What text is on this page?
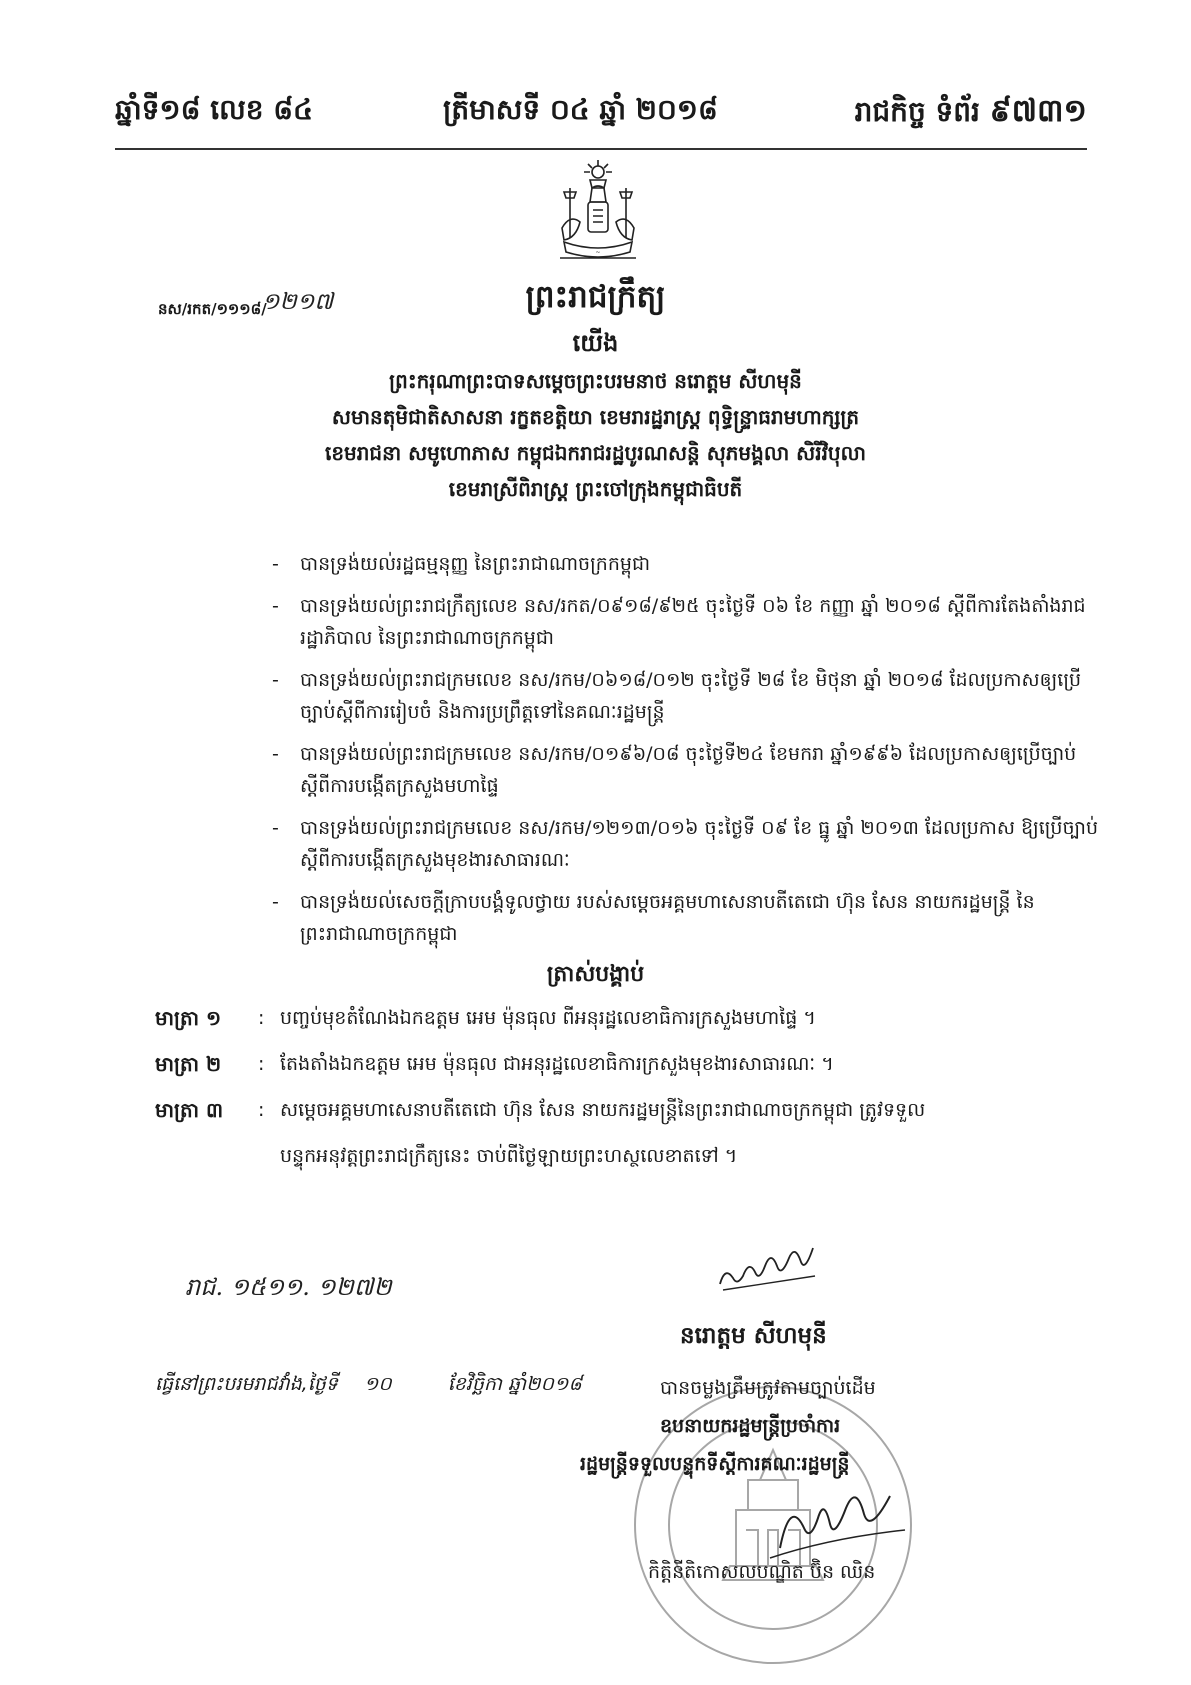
ឆ្នាំទី១៨ លេខ ៨៤	ត្រីមាសទី ០៤ ឆ្នាំ ២០១៨	រាជកិច្ច ទំព័រ ៩៧៣១
~
នស/រកត/១១១៨/
១២១៧	ព្រះរាជក្រឹត្យ
យើង
ព្រះករុណាព្រះបាទសម្តេចព្រះបរមនាថ នរោត្តម សីហមុនី
សមានតុមិជាតិសាសនា រក្ខតខត្តិយា ខេមរារដ្ឋរាស្ត្រ ពុទ្ធិន្ទ្រាធរាមហាក្សត្រ
ខេមរាជនា សមូហោភាស កម្ពុជឯករាជរដ្ឋបូរណសន្តិ សុភមង្គលា សិរីវិបុលា
ខេមរាស្រីពិរាស្ត្រ ព្រះចៅក្រុងកម្ពុជាធិបតី
- បានទ្រង់យល់រដ្ឋធម្មនុញ្ញ នៃព្រះរាជាណាចក្រកម្ពុជា
- បានទ្រង់យល់ព្រះរាជក្រឹត្យលេខ នស/រកត/០៩១៨/៩២៥ ចុះថ្ងៃទី ០៦ ខែ កញ្ញា ឆ្នាំ ២០១៨ ស្តីពីការតែងតាំងរាជរដ្ឋាភិបាល នៃព្រះរាជាណាចក្រកម្ពុជា
- បានទ្រង់យល់ព្រះរាជក្រមលេខ នស/រកម/០៦១៨/០១២ ចុះថ្ងៃទី ២៨ ខែ មិថុនា ឆ្នាំ ២០១៨ ដែលប្រកាសឲ្យប្រើច្បាប់ស្តីពីការរៀបចំ និងការប្រព្រឹត្តទៅនៃគណៈរដ្ឋមន្ត្រី
- បានទ្រង់យល់ព្រះរាជក្រមលេខ នស/រកម/០១៩៦/០៨ ចុះថ្ងៃទី២៤ ខែមករា ឆ្នាំ១៩៩៦ ដែលប្រកាសឲ្យប្រើច្បាប់ស្តីពីការបង្កើតក្រសួងមហាផ្ទៃ
- បានទ្រង់យល់ព្រះរាជក្រមលេខ នស/រកម/១២១៣/០១៦ ចុះថ្ងៃទី ០៩ ខែ ធ្នូ ឆ្នាំ ២០១៣ ដែលប្រកាស ឱ្យប្រើច្បាប់ស្តីពីការបង្កើតក្រសួងមុខងារសាធារណៈ
- បានទ្រង់យល់សេចក្តីក្រាបបង្គំទូលថ្វាយ របស់សម្តេចអគ្គមហាសេនាបតីតេជោ ហ៊ុន សែន នាយករដ្ឋមន្ត្រី នៃព្រះរាជាណាចក្រកម្ពុជា
ត្រាស់បង្គាប់
មាត្រា ១	: បញ្ចប់មុខតំណែងឯកឧត្តម អេម ម៉ុនធុល ពីអនុរដ្ឋលេខាធិការក្រសួងមហាផ្ទៃ ។
មាត្រា ២	: តែងតាំងឯកឧត្តម អេម ម៉ុនធុល ជាអនុរដ្ឋលេខាធិការក្រសួងមុខងារសាធារណៈ ។
មាត្រា ៣	: សម្តេចអគ្គមហាសេនាបតីតេជោ ហ៊ុន សែន នាយករដ្ឋមន្ត្រីនៃព្រះរាជាណាចក្រកម្ពុជា ត្រូវទទួល
បន្ទុកអនុវត្តព្រះរាជក្រឹត្យនេះ ចាប់ពីថ្ងៃឡាយព្រះហស្ថលេខាតទៅ ។
រាជ. ១៥១១. ១២៧២
នរោត្តម សីហមុនី
ធ្វើនៅព្រះបរមរាជវាំង,ថ្ងៃទី ១០	ខែវិច្ឆិកា ឆ្នាំ២០១៨	បានចម្លងត្រឹមត្រូវតាមច្បាប់ដើម
ឧបនាយករដ្ឋមន្ត្រីប្រចាំការ
រដ្ឋមន្ត្រីទទួលបន្ទុកទីស្តីការគណៈរដ្ឋមន្ត្រី
កិត្តិនីតិកោសលបណ្ឌិត ប៊ិន ឈិន
